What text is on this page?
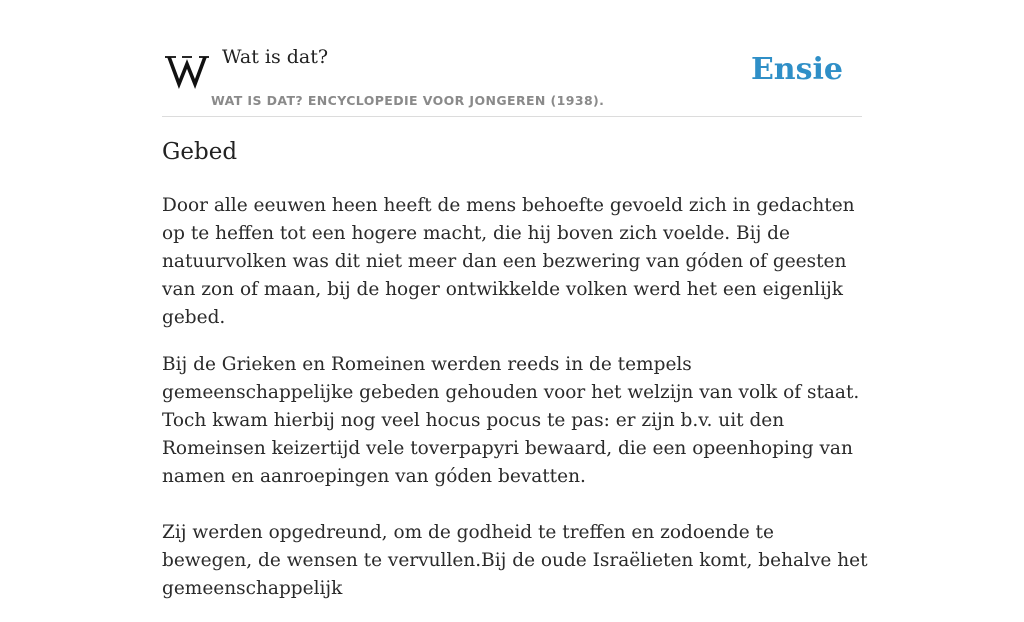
Wat is dat?
WAT IS DAT? ENCYCLOPEDIE VOOR JONGEREN (1938).
Ensie
Gebed

Door alle eeuwen heen heeft de mens behoefte gevoeld zich in gedachten op te heffen tot een hogere macht, die hij boven zich voelde. Bij de natuurvolken was dit niet meer dan een bezwering van góden of geesten van zon of maan, bij de hoger ontwikkelde volken werd het een eigenlijk gebed.

Bij de Grieken en Romeinen werden reeds in de tempels gemeenschappelijke gebeden gehouden voor het welzijn van volk of staat. Toch kwam hierbij nog veel hocus pocus te pas: er zijn b.v. uit den Romeinsen keizertijd vele toverpapyri bewaard, die een opeenhoping van namen en aanroepingen van góden bevatten.

Zij werden opgedreund, om de godheid te treffen en zodoende te bewegen, de wensen te vervullen.Bij de oude Israëlieten komt, behalve het gemeenschappelijk
